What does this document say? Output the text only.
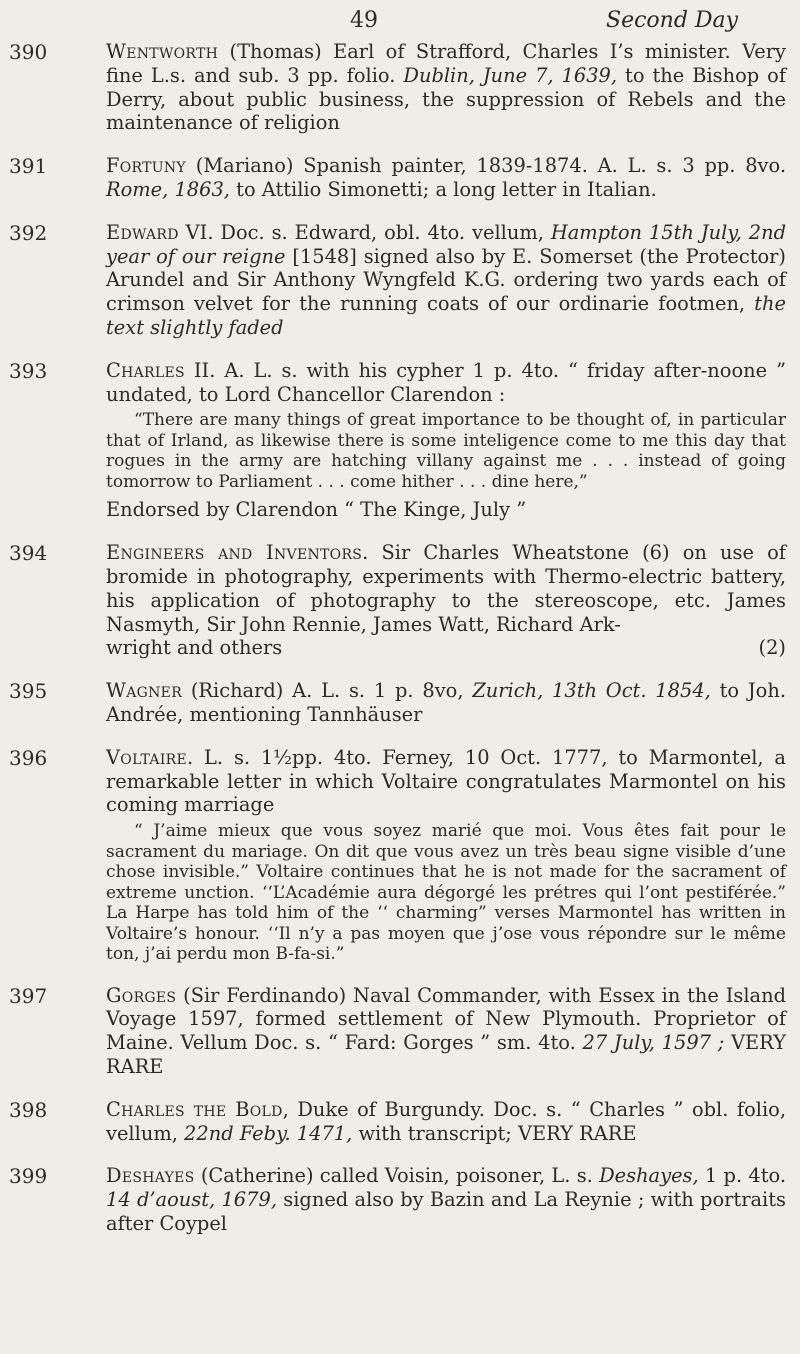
49	Second Day
390	Wentworth (Thomas) Earl of Strafford, Charles I’s minister. Very fine L.s. and sub. 3 pp. folio. Dublin, June 7, 1639, to the Bishop of Derry, about public business, the suppression of Rebels and the maintenance of religion
391	Fortuny (Mariano) Spanish painter, 1839-1874. A. L. s. 3 pp. 8vo. Rome, 1863, to Attilio Simonetti; a long letter in Italian.
392	Edward VI. Doc. s. Edward, obl. 4to. vellum, Hampton 15th July, 2nd year of our reigne [1548] signed also by E. Somerset (the Protector) Arundel and Sir Anthony Wyngfeld K.G. ordering two yards each of crimson velvet for the running coats of our ordinarie footmen, the text slightly faded
393	Charles II. A. L. s. with his cypher 1 p. 4to. “ friday after-noone ” undated, to Lord Chancellor Clarendon :
“There are many things of great importance to be thought of, in particular that of Irland, as likewise there is some inteligence come to me this day that rogues in the army are hatching villany against me . . . instead of going tomorrow to Parliament . . . come hither . . . dine here,”
Endorsed by Clarendon “ The Kinge, July ”
394	Engineers and Inventors. Sir Charles Wheatstone (6) on use of bromide in photography, experiments with Thermo-electric battery, his application of photography to the stereoscope, etc. James Nasmyth, Sir John Rennie, James Watt, Richard Ark-
wright and others	(2)
395	Wagner (Richard) A. L. s. 1 p. 8vo, Zurich, 13th Oct. 1854, to Joh. Andrée, mentioning Tannhäuser
396	Voltaire. L. s. 1½pp. 4to. Ferney, 10 Oct. 1777, to Marmontel, a remarkable letter in which Voltaire congratulates Marmontel on his coming marriage
“ J’aime mieux que vous soyez marié que moi. Vous êtes fait pour le sacrament du mariage. On dit que vous avez un très beau signe visible d’une chose invisible.” Voltaire continues that he is not made for the sacrament of extreme unction. ‘‘L’Académie aura dégorgé les prétres qui l’ont pestiférée.” La Harpe has told him of the ‘‘ charming” verses Marmontel has written in Voltaire’s honour. ‘‘Il n’y a pas moyen que j’ose vous répondre sur le même ton, j’ai perdu mon B-fa-si.”
397	Gorges (Sir Ferdinando) Naval Commander, with Essex in the Island Voyage 1597, formed settlement of New Plymouth. Proprietor of Maine. Vellum Doc. s. “ Fard: Gorges ” sm. 4to. 27 July, 1597 ; VERY RARE
398	Charles the Bold, Duke of Burgundy. Doc. s. “ Charles ” obl. folio, vellum, 22nd Feby. 1471, with transcript; VERY RARE
399	Deshayes (Catherine) called Voisin, poisoner, L. s. Deshayes, 1 p. 4to. 14 d’aoust, 1679, signed also by Bazin and La Reynie ; with portraits after Coypel
